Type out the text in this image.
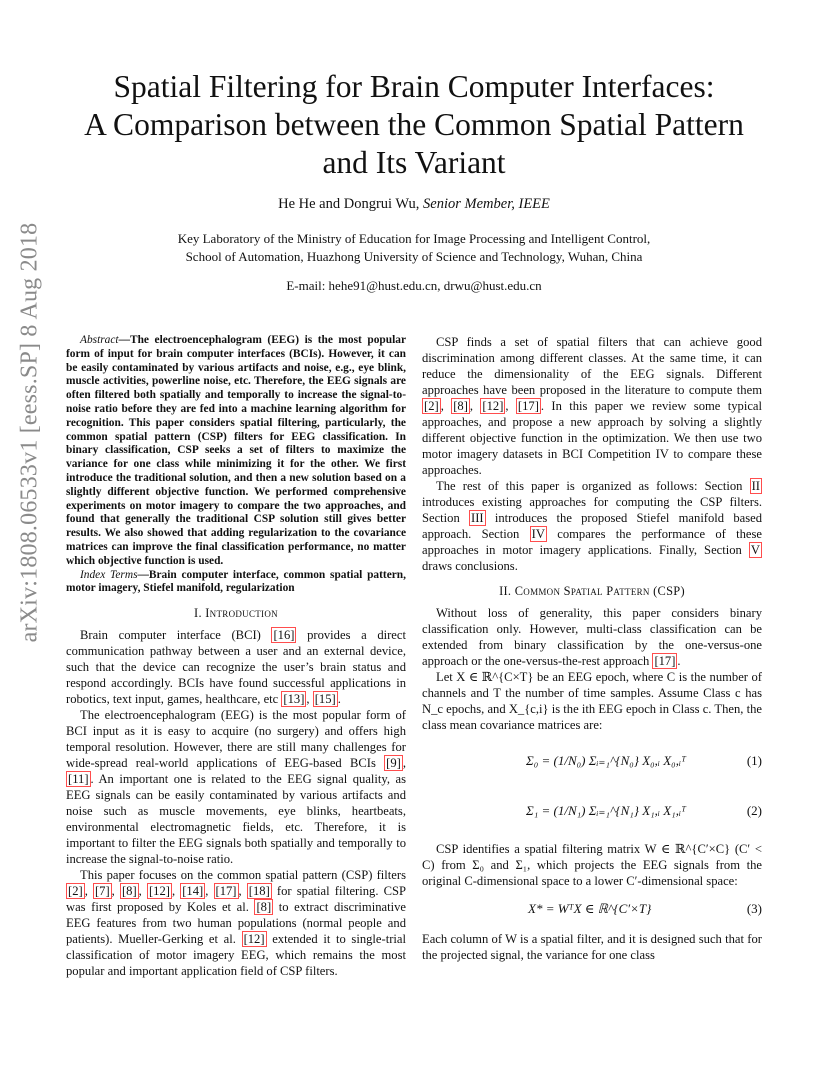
arXiv:1808.06533v1 [eess.SP] 8 Aug 2018
Spatial Filtering for Brain Computer Interfaces:
A Comparison between the Common Spatial Pattern
and Its Variant
He He and Dongrui Wu, Senior Member, IEEE
Key Laboratory of the Ministry of Education for Image Processing and Intelligent Control,
School of Automation, Huazhong University of Science and Technology, Wuhan, China
E-mail: hehe91@hust.edu.cn, drwu@hust.edu.cn

Abstract—The electroencephalogram (EEG) is the most popular form of input for brain computer interfaces (BCIs). However, it can be easily contaminated by various artifacts and noise, e.g., eye blink, muscle activities, powerline noise, etc. Therefore, the EEG signals are often filtered both spatially and temporally to increase the signal-to-noise ratio before they are fed into a machine learning algorithm for recognition. This paper considers spatial filtering, particularly, the common spatial pattern (CSP) filters for EEG classification. In binary classification, CSP seeks a set of filters to maximize the variance for one class while minimizing it for the other. We first introduce the traditional solution, and then a new solution based on a slightly different objective function. We performed comprehensive experiments on motor imagery to compare the two approaches, and found that generally the traditional CSP solution still gives better results. We also showed that adding regularization to the covariance matrices can improve the final classification performance, no matter which objective function is used.

Index Terms—Brain computer interface, common spatial pattern, motor imagery, Stiefel manifold, regularization

I. Introduction

Brain computer interface (BCI) [16] provides a direct communication pathway between a user and an external device, such that the device can recognize the user’s brain status and respond accordingly. BCIs have found successful applications in robotics, text input, games, healthcare, etc [13] , [15] .

The electroencephalogram (EEG) is the most popular form of BCI input as it is easy to acquire (no surgery) and offers high temporal resolution. However, there are still many challenges for wide-spread real-world applications of EEG-based BCIs [9] , [11] . An important one is related to the EEG signal quality, as EEG signals can be easily contaminated by various artifacts and noise such as muscle movements, eye blinks, heartbeats, environmental electromagnetic fields, etc. Therefore, it is important to filter the EEG signals both spatially and temporally to increase the signal-to-noise ratio.

This paper focuses on the common spatial pattern (CSP) filters [2] , [7] , [8] , [12] , [14] , [17] , [18] for spatial filtering. CSP was first proposed by Koles et al. [8] to extract discriminative EEG features from two human populations (normal people and patients). Mueller-Gerking et al. [12] extended it to single-trial classification of motor imagery EEG, which remains the most popular and important application field of CSP filters.

CSP finds a set of spatial filters that can achieve good discrimination among different classes. At the same time, it can reduce the dimensionality of the EEG signals. Different approaches have been proposed in the literature to compute them [2] , [8] , [12] , [17] . In this paper we review some typical approaches, and propose a new approach by solving a slightly different objective function in the optimization. We then use two motor imagery datasets in BCI Competition IV to compare these approaches.

The rest of this paper is organized as follows: Section II introduces existing approaches for computing the CSP filters. Section III introduces the proposed Stiefel manifold based approach. Section IV compares the performance of these approaches in motor imagery applications. Finally, Section V draws conclusions.

II. Common Spatial Pattern (CSP)

Without loss of generality, this paper considers binary classification only. However, multi-class classification can be extended from binary classification by the one-versus-one approach or the one-versus-the-rest approach [17] .

Let X ∈ ℝ^{C×T} be an EEG epoch, where C is the number of channels and T the number of time samples. Assume Class c has N_c epochs, and X_{c,i} is the ith EEG epoch in Class c. Then, the class mean covariance matrices are:

Σ₀ = (1/N₀) Σᵢ₌₁^{N₀} X₀,ᵢ X₀,ᵢᵀ	(1)
Σ₁ = (1/N₁) Σᵢ₌₁^{N₁} X₁,ᵢ X₁,ᵢᵀ	(2)

CSP identifies a spatial filtering matrix W ∈ ℝ^{C′×C} (C′ < C) from Σ₀ and Σ₁, which projects the EEG signals from the original C-dimensional space to a lower C′-dimensional space:

X* = WᵀX ∈ ℝ^{C′×T}	(3)

Each column of W is a spatial filter, and it is designed such that for the projected signal, the variance for one class
